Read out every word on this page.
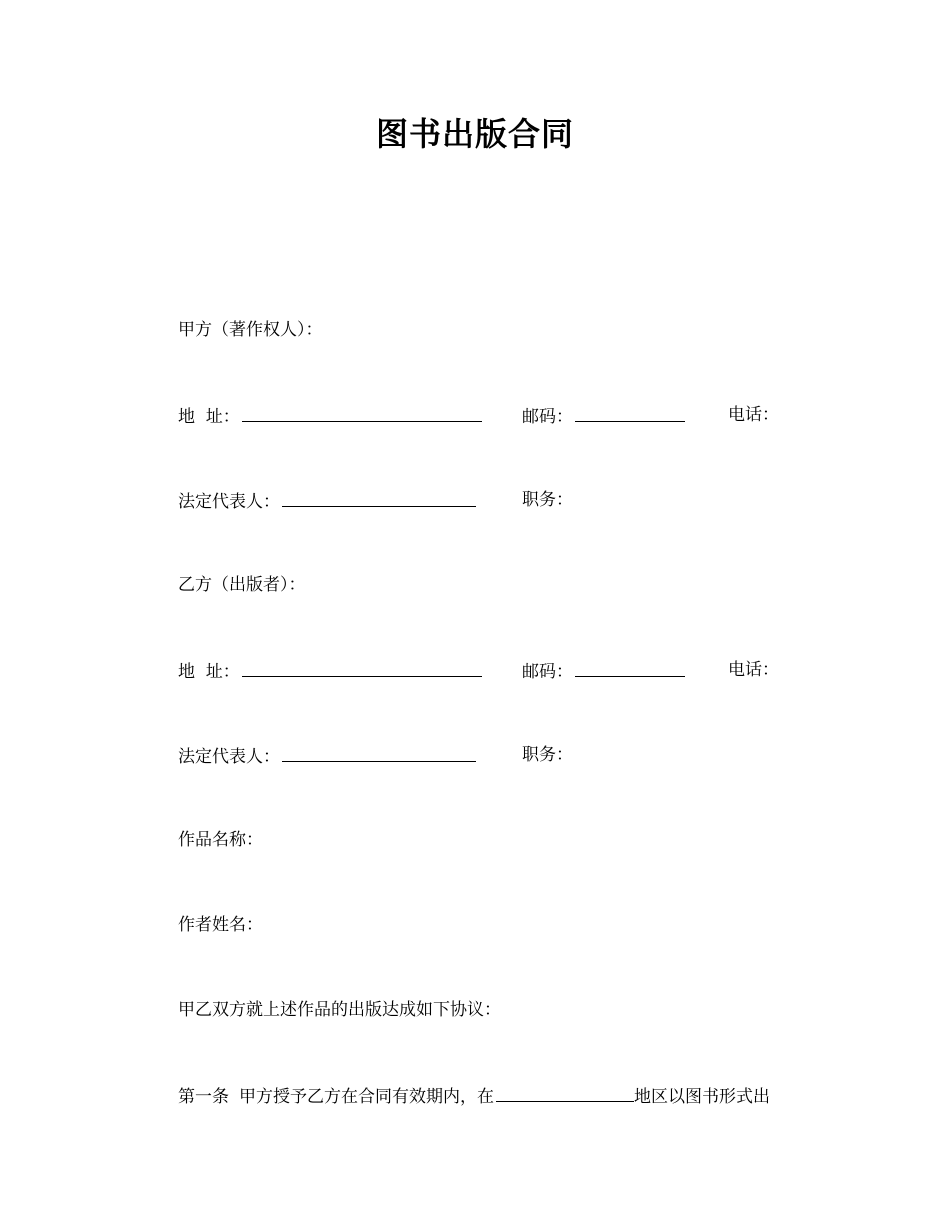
图书出版合同
甲方（著作权人）：
地  址：	邮码：	电话：
法定代表人：	职务：
乙方（出版者）：
地  址：	邮码：	电话：
法定代表人：	职务：
作品名称：
作者姓名：
甲乙双方就上述作品的出版达成如下协议：
第一条 甲方授予乙方在合同有效期内，在	地区以图书形式出
